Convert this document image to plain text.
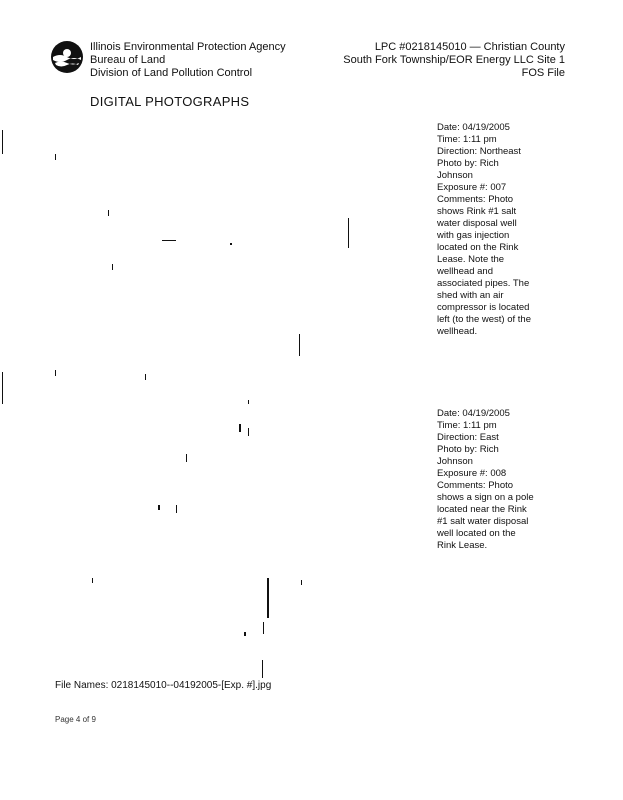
Illinois Environmental Protection Agency
Bureau of Land
Division of Land Pollution Control
LPC #0218145010 — Christian County
South Fork Township/EOR Energy LLC Site 1
FOS File
DIGITAL PHOTOGRAPHS
Date: 04/19/2005
Time: 1:11 pm
Direction: Northeast
Photo by: Rich
Johnson
Exposure #: 007
Comments: Photo
shows Rink #1 salt
water disposal well
with gas injection
located on the Rink
Lease. Note the
wellhead and
associated pipes. The
shed with an air
compressor is located
left (to the west) of the
wellhead.
Date: 04/19/2005
Time: 1:11 pm
Direction: East
Photo by: Rich
Johnson
Exposure #: 008
Comments: Photo
shows a sign on a pole
located near the Rink
#1 salt water disposal
well located on the
Rink Lease.
File Names: 0218145010--04192005-[Exp. #].jpg
Page 4 of 9
